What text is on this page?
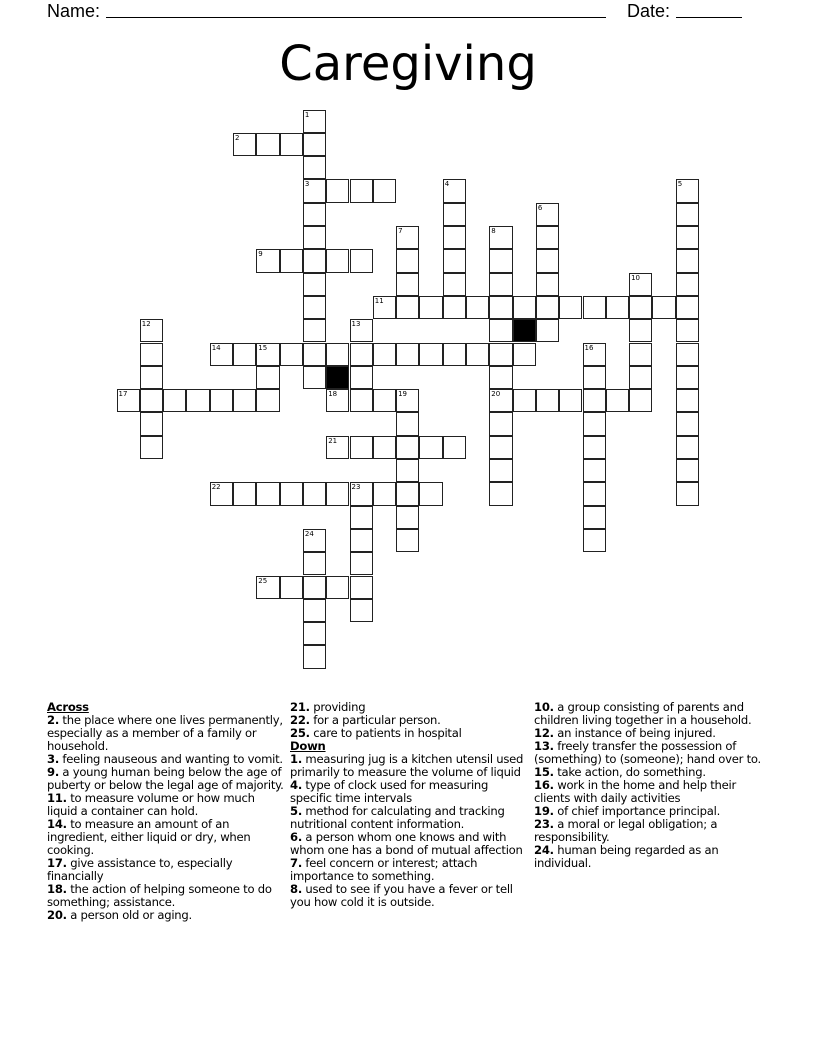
Name:	Date:
Caregiving
1
3
2
4	5
6
7	8
20
9
10
11
12	13
14	15	16
17	18	19
21
22	23
24
25
Across
2. the place where one lives permanently, especially as a member of a family or household.
3. feeling nauseous and wanting to vomit.
9. a young human being below the age of puberty or below the legal age of majority.
11. to measure volume or how much liquid a container can hold.
14. to measure an amount of an ingredient, either liquid or dry, when cooking.
17. give assistance to, especially financially
18. the action of helping someone to do something; assistance.
20. a person old or aging.
21. providing
22. for a particular person.
25. care to patients in hospital
Down
1. measuring jug is a kitchen utensil used primarily to measure the volume of liquid
4. type of clock used for measuring specific time intervals
5. method for calculating and tracking nutritional content information.
6. a person whom one knows and with whom one has a bond of mutual affection
7. feel concern or interest; attach importance to something.
8. used to see if you have a fever or tell you how cold it is outside.
10. a group consisting of parents and children living together in a household.
12. an instance of being injured.
13. freely transfer the possession of (something) to (someone); hand over to.
15. take action, do something.
16. work in the home and help their clients with daily activities
19. of chief importance principal.
23. a moral or legal obligation; a responsibility.
24. human being regarded as an individual.
